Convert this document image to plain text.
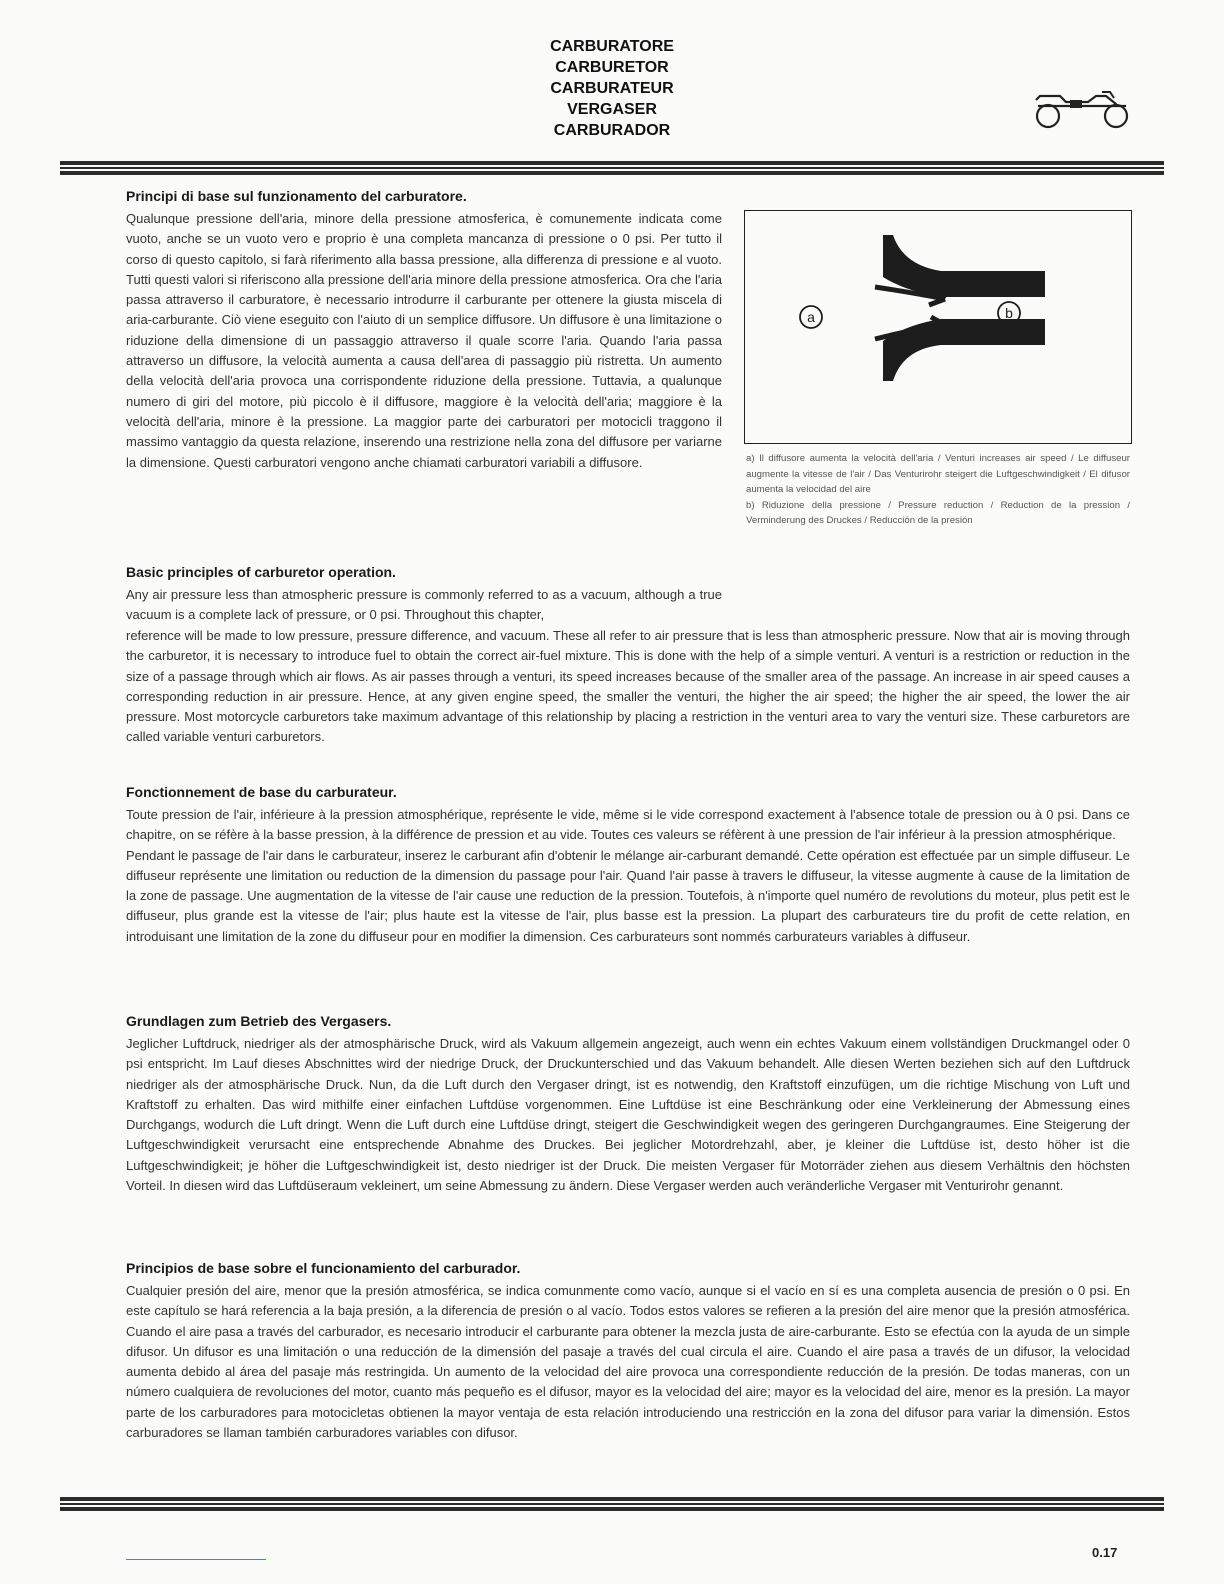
CARBURATORE
CARBURETOR
CARBURATEUR
VERGASER
CARBURADOR
Principi di base sul funzionamento del carburatore.

Qualunque pressione dell'aria, minore della pressione atmosferica, è comunemente indicata come vuoto, anche se un vuoto vero e proprio è una completa mancanza di pressione o 0 psi. Per tutto il corso di questo capitolo, si farà riferimento alla bassa pressione, alla differenza di pressione e al vuoto. Tutti questi valori si riferiscono alla pressione dell'aria minore della pressione atmosferica. Ora che l'aria passa attraverso il carburatore, è necessario introdurre il carburante per ottenere la giusta miscela di aria-carburante. Ciò viene eseguito con l'aiuto di un semplice diffusore. Un diffusore è una limitazione o riduzione della dimensione di un passaggio attraverso il quale scorre l'aria. Quando l'aria passa attraverso un diffusore, la velocità aumenta a causa dell'area di passaggio più ristretta. Un aumento della velocità dell'aria provoca una corrispondente riduzione della pressione. Tuttavia, a qualunque numero di giri del motore, più piccolo è il diffusore, maggiore è la velocità dell'aria; maggiore è la velocità dell'aria, minore è la pressione. La maggior parte dei carburatori per motocicli traggono il massimo vantaggio da questa relazione, inserendo una restrizione nella zona del diffusore per variarne la dimensione. Questi carburatori vengono anche chiamati carburatori variabili a diffusore.

a	b

a) Il diffusore aumenta la velocità dell'aria / Venturi increases air speed / Le diffuseur augmente la vitesse de l'air / Das Venturirohr steigert die Luftgeschwindigkeit / El difusor aumenta la velocidad del aire

b) Riduzione della pressione / Pressure reduction / Reduction de la pression / Verminderung des Druckes / Reducción de la presión

Basic principles of carburetor operation.

Any air pressure less than atmospheric pressure is commonly referred to as a vacuum, although a true vacuum is a complete lack of pressure, or 0 psi. Throughout this chapter,

reference will be made to low pressure, pressure difference, and vacuum. These all refer to air pressure that is less than atmospheric pressure. Now that air is moving through the carburetor, it is necessary to introduce fuel to obtain the correct air-fuel mixture. This is done with the help of a simple venturi. A venturi is a restriction or reduction in the size of a passage through which air flows. As air passes through a venturi, its speed increases because of the smaller area of the passage. An increase in air speed causes a corresponding reduction in air pressure. Hence, at any given engine speed, the smaller the venturi, the higher the air speed; the higher the air speed, the lower the air pressure. Most motorcycle carburetors take maximum advantage of this relationship by placing a restriction in the venturi area to vary the venturi size. These carburetors are called variable venturi carburetors.

Fonctionnement de base du carburateur.

Toute pression de l'air, inférieure à la pression atmosphérique, représente le vide, même si le vide correspond exactement à l'absence totale de pression ou à 0 psi. Dans ce chapitre, on se réfère à la basse pression, à la différence de pression et au vide. Toutes ces valeurs se réfèrent à une pression de l'air inférieur à la pression atmosphérique.

Pendant le passage de l'air dans le carburateur, inserez le carburant afin d'obtenir le mélange air-carburant demandé. Cette opération est effectuée par un simple diffuseur. Le diffuseur représente une limitation ou reduction de la dimension du passage pour l'air. Quand l'air passe à travers le diffuseur, la vitesse augmente à cause de la limitation de la zone de passage. Une augmentation de la vitesse de l'air cause une reduction de la pression. Toutefois, à n'importe quel numéro de revolutions du moteur, plus petit est le diffuseur, plus grande est la vitesse de l'air; plus haute est la vitesse de l'air, plus basse est la pression. La plupart des carburateurs tire du profit de cette relation, en introduisant une limitation de la zone du diffuseur pour en modifier la dimension. Ces carburateurs sont nommés carburateurs variables à diffuseur.

Grundlagen zum Betrieb des Vergasers.

Jeglicher Luftdruck, niedriger als der atmosphärische Druck, wird als Vakuum allgemein angezeigt, auch wenn ein echtes Vakuum einem vollständigen Druckmangel oder 0 psi entspricht. Im Lauf dieses Abschnittes wird der niedrige Druck, der Druckunterschied und das Vakuum behandelt. Alle diesen Werten beziehen sich auf den Luftdruck niedriger als der atmosphärische Druck. Nun, da die Luft durch den Vergaser dringt, ist es notwendig, den Kraftstoff einzufügen, um die richtige Mischung von Luft und Kraftstoff zu erhalten. Das wird mithilfe einer einfachen Luftdüse vorgenommen. Eine Luftdüse ist eine Beschränkung oder eine Verkleinerung der Abmessung eines Durchgangs, wodurch die Luft dringt. Wenn die Luft durch eine Luftdüse dringt, steigert die Geschwindigkeit wegen des geringeren Durchgangraumes. Eine Steigerung der Luftgeschwindigkeit verursacht eine entsprechende Abnahme des Druckes. Bei jeglicher Motordrehzahl, aber, je kleiner die Luftdüse ist, desto höher ist die Luftgeschwindigkeit; je höher die Luftgeschwindigkeit ist, desto niedriger ist der Druck. Die meisten Vergaser für Motorräder ziehen aus diesem Verhältnis den höchsten Vorteil. In diesen wird das Luftdüseraum vekleinert, um seine Abmessung zu ändern. Diese Vergaser werden auch veränderliche Vergaser mit Venturirohr genannt.

Principios de base sobre el funcionamiento del carburador.

Cualquier presión del aire, menor que la presión atmosférica, se indica comunmente como vacío, aunque si el vacío en sí es una completa ausencia de presión o 0 psi. En este capítulo se hará referencia a la baja presión, a la diferencia de presión o al vacío. Todos estos valores se refieren a la presión del aire menor que la presión atmosférica. Cuando el aire pasa a través del carburador, es necesario introducir el carburante para obtener la mezcla justa de aire-carburante. Esto se efectúa con la ayuda de un simple difusor. Un difusor es una limitación o una reducción de la dimensión del pasaje a través del cual circula el aire. Cuando el aire pasa a través de un difusor, la velocidad aumenta debido al área del pasaje más restringida. Un aumento de la velocidad del aire provoca una correspondiente reducción de la presión. De todas maneras, con un número cualquiera de revoluciones del motor, cuanto más pequeño es el difusor, mayor es la velocidad del aire; mayor es la velocidad del aire, menor es la presión. La mayor parte de los carburadores para motocicletas obtienen la mayor ventaja de esta relación introduciendo una restricción en la zona del difusor para variar la dimensión. Estos carburadores se llaman también carburadores variables con difusor.

0.17
